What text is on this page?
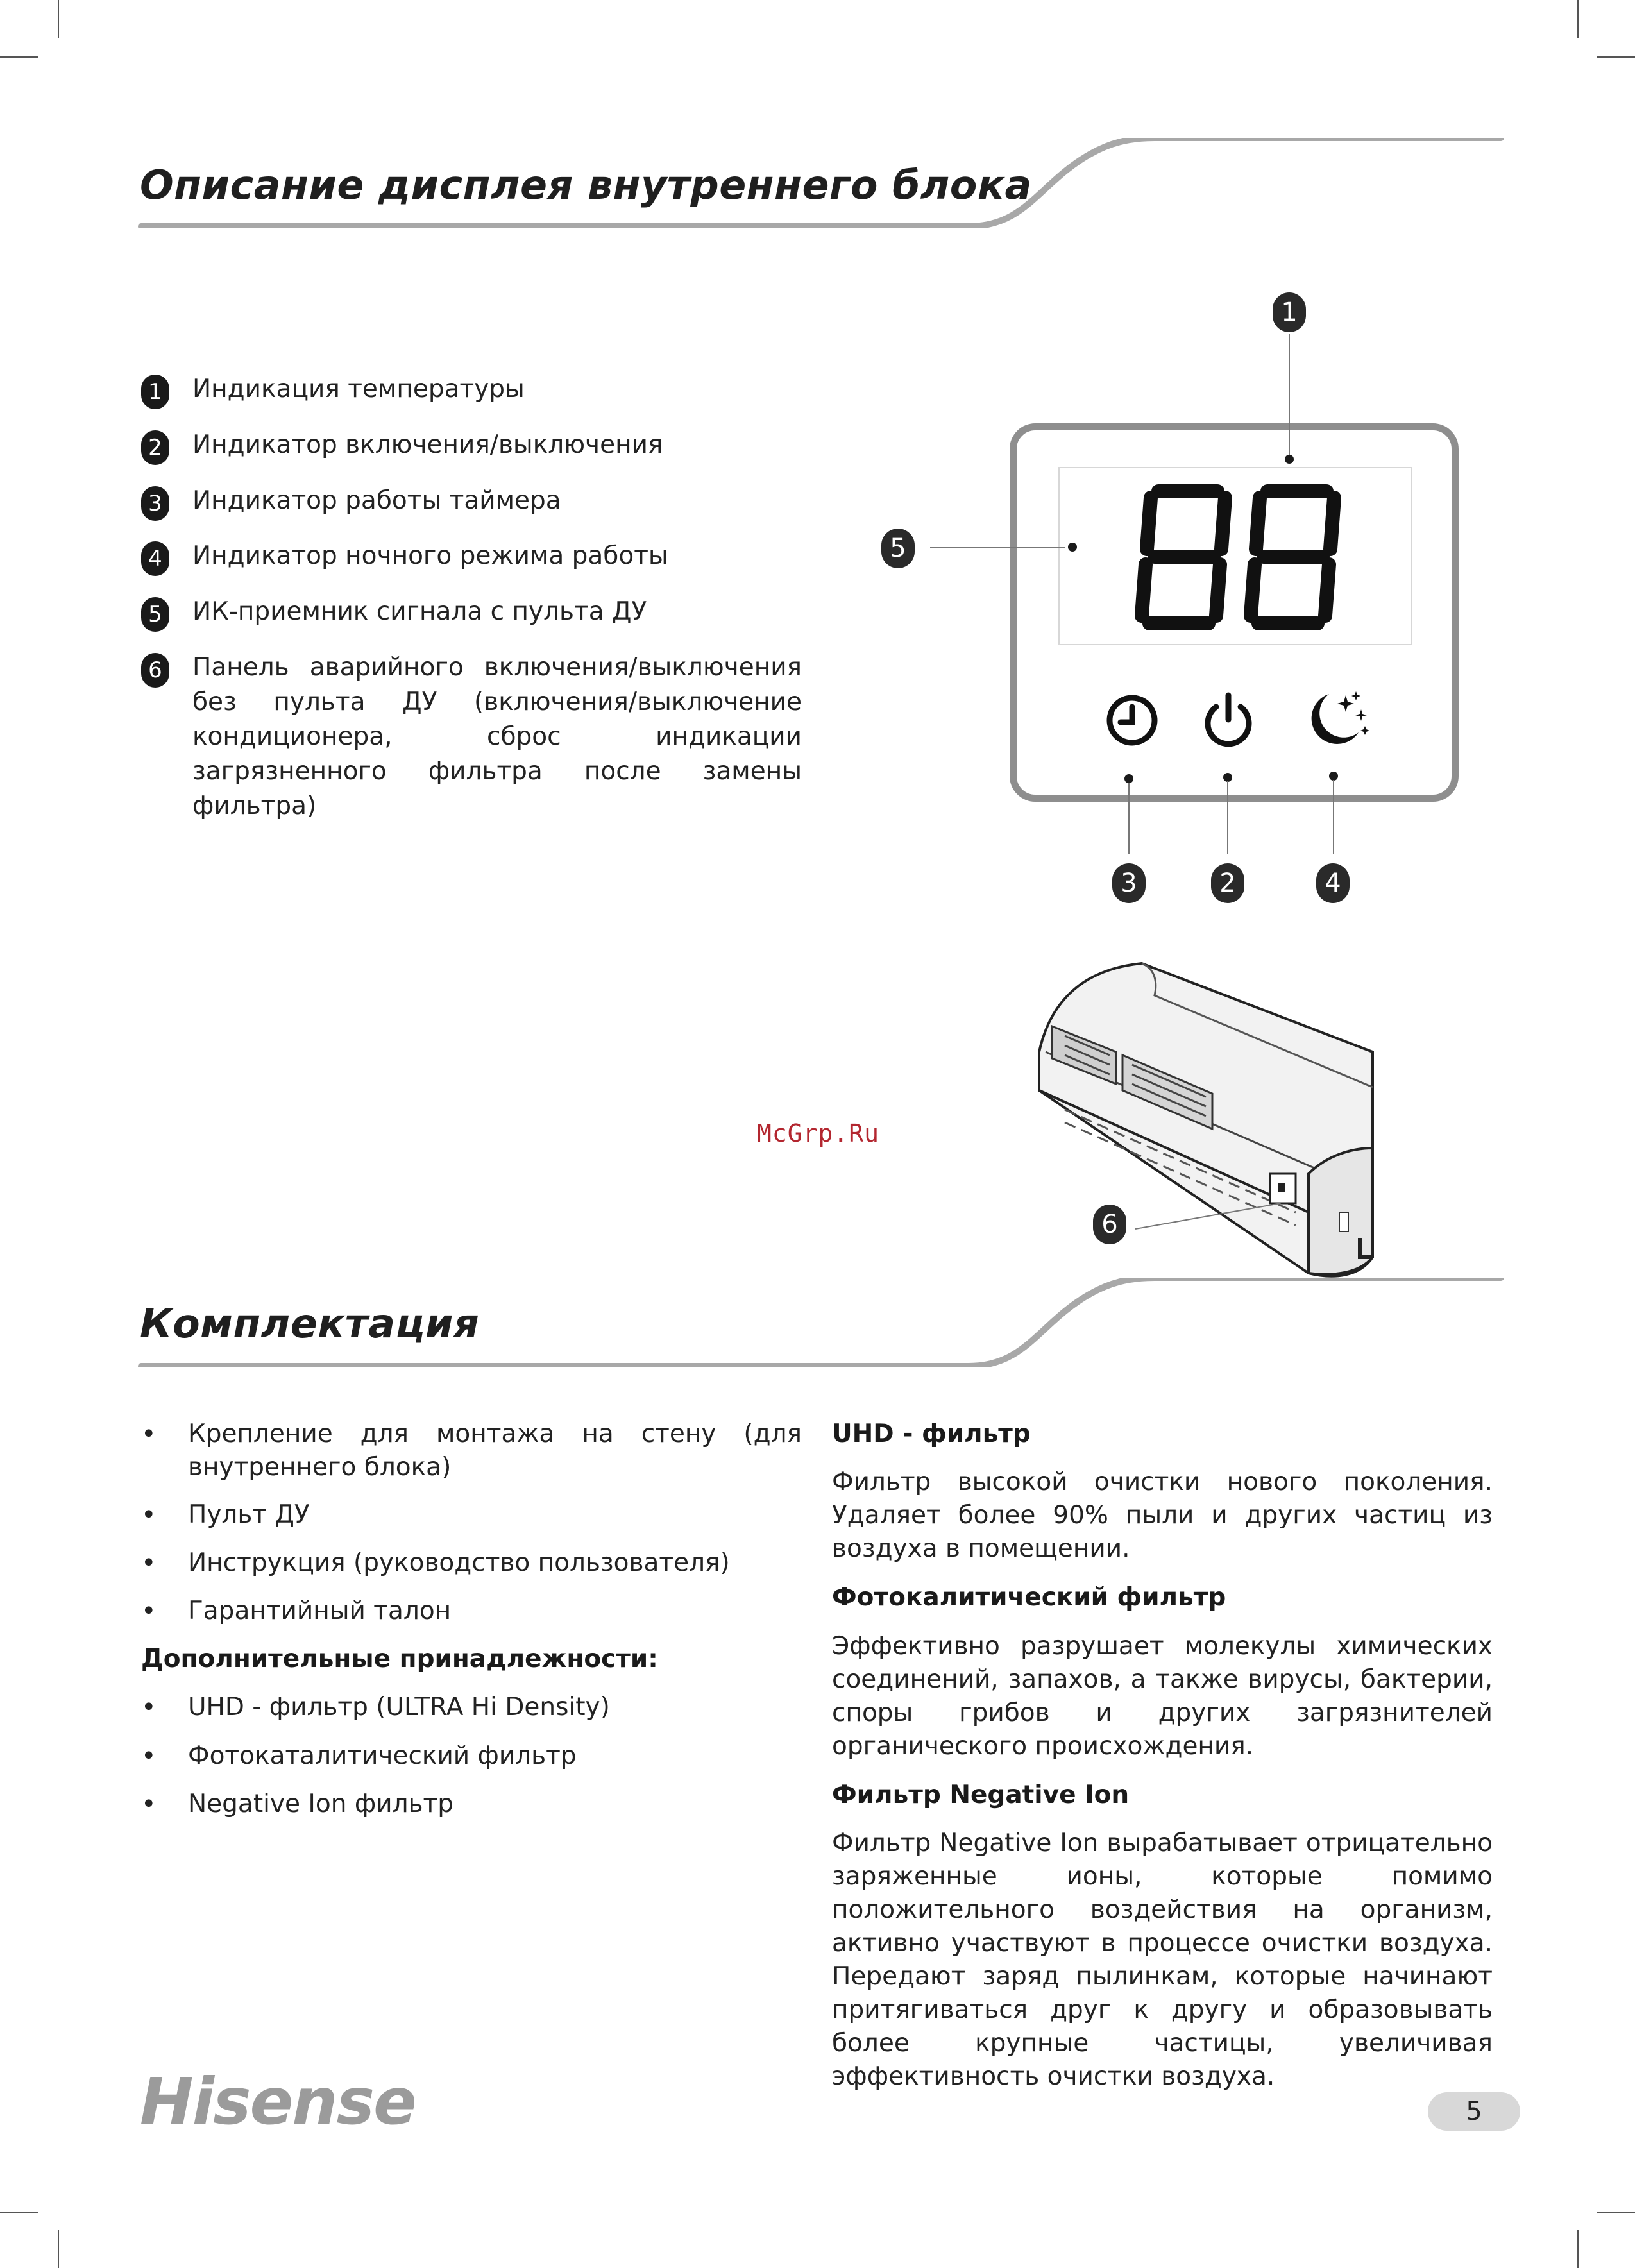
Описание дисплея внутреннего блока
1 Индикация температуры
2 Индикатор включения/выключения
3 Индикатор работы таймера
4 Индикатор ночного режима работы
5 ИК-приемник сигнала с пульта ДУ
6 Панель аварийного включения/выключения без пульта ДУ (включения/выключение кондиционера, сброс индикации загрязненного фильтра после замены фильтра)
1
5
3	2	4
6
McGrp.Ru
Комплектация
• Крепление для монтажа на стену (для внутреннего блока)
• Пульт ДУ
• Инструкция (руководство пользователя)
• Гарантийный талон
Дополнительные принадлежности:
• UHD - фильтр (ULTRA Hi Density)
• Фотокаталитический фильтр
• Negative Ion фильтр
UHD - фильтр
Фильтр высокой очистки нового поколения. Удаляет более 90% пыли и других частиц из воздуха в помещении.
Фотокалитический фильтр
Эффективно разрушает молекулы химических соединений, запахов, а также вирусы, бактерии, споры грибов и других загрязнителей органического происхождения.
Фильтр Negative Ion
Фильтр Negative Ion вырабатывает отрицательно заряженные ионы, которые помимо положительного воздействия на организм, активно участвуют в процессе очистки воздуха. Передают заряд пылинкам, которые начинают притягиваться друг к другу и образовывать более крупные частицы, увеличивая эффективность очистки воздуха.
Hisense	5
